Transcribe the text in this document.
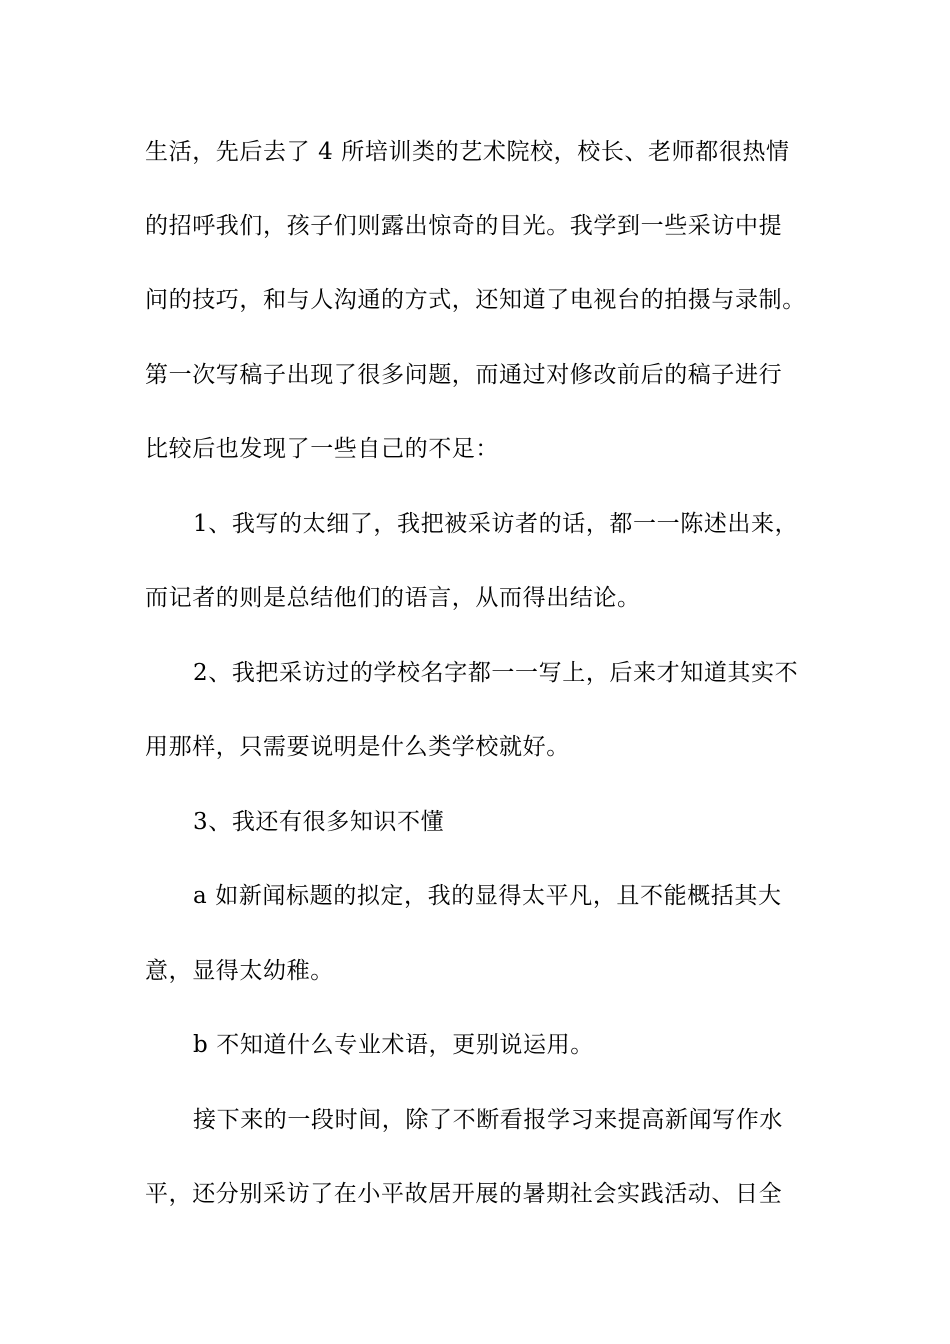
生活，先后去了 4 所培训类的艺术院校，校长、老师都很热情
的招呼我们，孩子们则露出惊奇的目光。我学到一些采访中提
问的技巧，和与人沟通的方式，还知道了电视台的拍摄与录制。
第一次写稿子出现了很多问题，而通过对修改前后的稿子进行
比较后也发现了一些自己的不足：
1、我写的太细了，我把被采访者的话，都一一陈述出来，
而记者的则是总结他们的语言，从而得出结论。
2、我把采访过的学校名字都一一写上，后来才知道其实不
用那样，只需要说明是什么类学校就好。
3、我还有很多知识不懂
a 如新闻标题的拟定，我的显得太平凡，且不能概括其大
意，显得太幼稚。
b 不知道什么专业术语，更别说运用。
接下来的一段时间，除了不断看报学习来提高新闻写作水
平，还分别采访了在小平故居开展的暑期社会实践活动、日全
